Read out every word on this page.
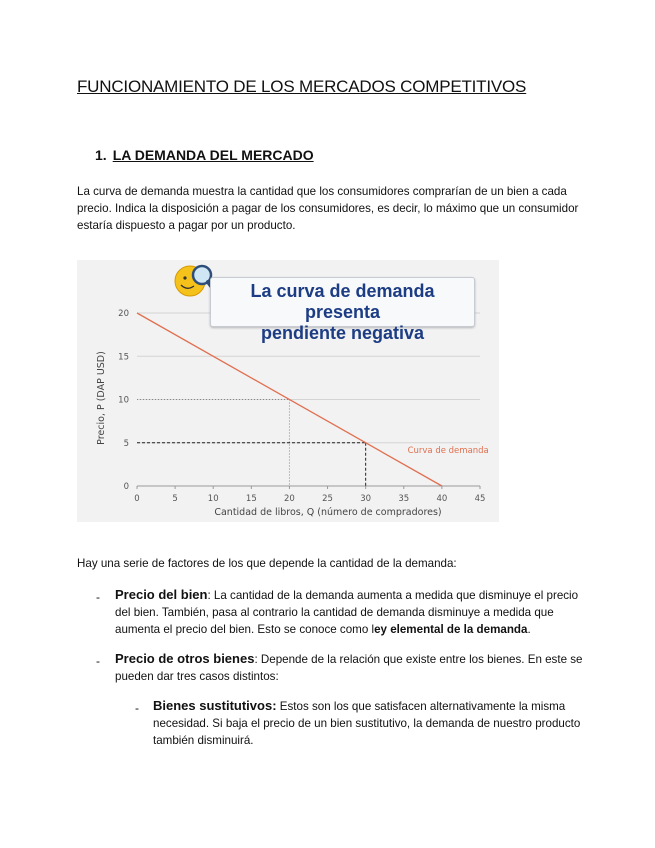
FUNCIONAMIENTO DE LOS MERCADOS COMPETITIVOS
1. LA DEMANDA DEL MERCADO
La curva de demanda muestra la cantidad que los consumidores comprarían de un bien a cada precio. Indica la disposición a pagar de los consumidores, es decir, lo máximo que un consumidor estaría dispuesto a pagar por un producto.
0
5
10
15
20
0	5	10	15	20	25	30	35	40	45
Curva de demanda
Precio, P (DAP USD)
Cantidad de libros, Q (número de compradores)
La curva de demanda presenta
pendiente negativa
Hay una serie de factores de los que depende la cantidad de la demanda:
- Precio del bien: La cantidad de la demanda aumenta a medida que disminuye el precio del bien. También, pasa al contrario la cantidad de demanda disminuye a medida que aumenta el precio del bien. Esto se conoce como ley elemental de la demanda.
- Precio de otros bienes: Depende de la relación que existe entre los bienes. En este se pueden dar tres casos distintos:
- Bienes sustitutivos: Estos son los que satisfacen alternativamente la misma necesidad. Si baja el precio de un bien sustitutivo, la demanda de nuestro producto también disminuirá.
